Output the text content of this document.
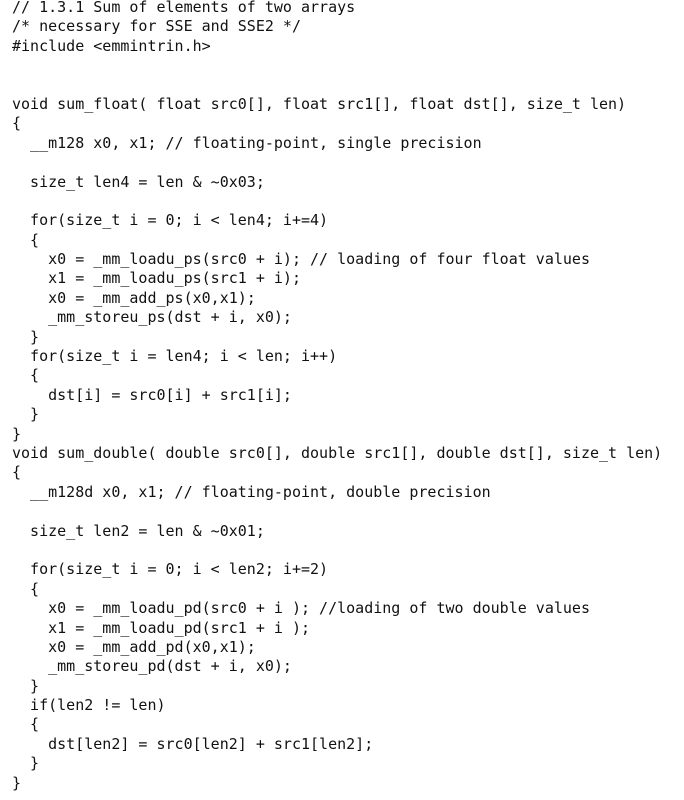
// 1.3.1 Sum of elements of two arrays
/* necessary for SSE and SSE2 */
#include <emmintrin.h>
void sum_float( float src0[], float src1[], float dst[], size_t len)
{
__m128 x0, x1; // floating-point, single precision
size_t len4 = len & ~0x03;
for(size_t i = 0; i < len4; i+=4)
{
x0 = _mm_loadu_ps(src0 + i); // loading of four float values
x1 = _mm_loadu_ps(src1 + i);
x0 = _mm_add_ps(x0,x1);
_mm_storeu_ps(dst + i, x0);
}
for(size_t i = len4; i < len; i++)
{
dst[i] = src0[i] + src1[i];
}
}
void sum_double( double src0[], double src1[], double dst[], size_t len)
{
__m128d x0, x1; // floating-point, double precision
size_t len2 = len & ~0x01;
for(size_t i = 0; i < len2; i+=2)
{
x0 = _mm_loadu_pd(src0 + i ); //loading of two double values
x1 = _mm_loadu_pd(src1 + i );
x0 = _mm_add_pd(x0,x1);
_mm_storeu_pd(dst + i, x0);
}
if(len2 != len)
{
dst[len2] = src0[len2] + src1[len2];
}
}
